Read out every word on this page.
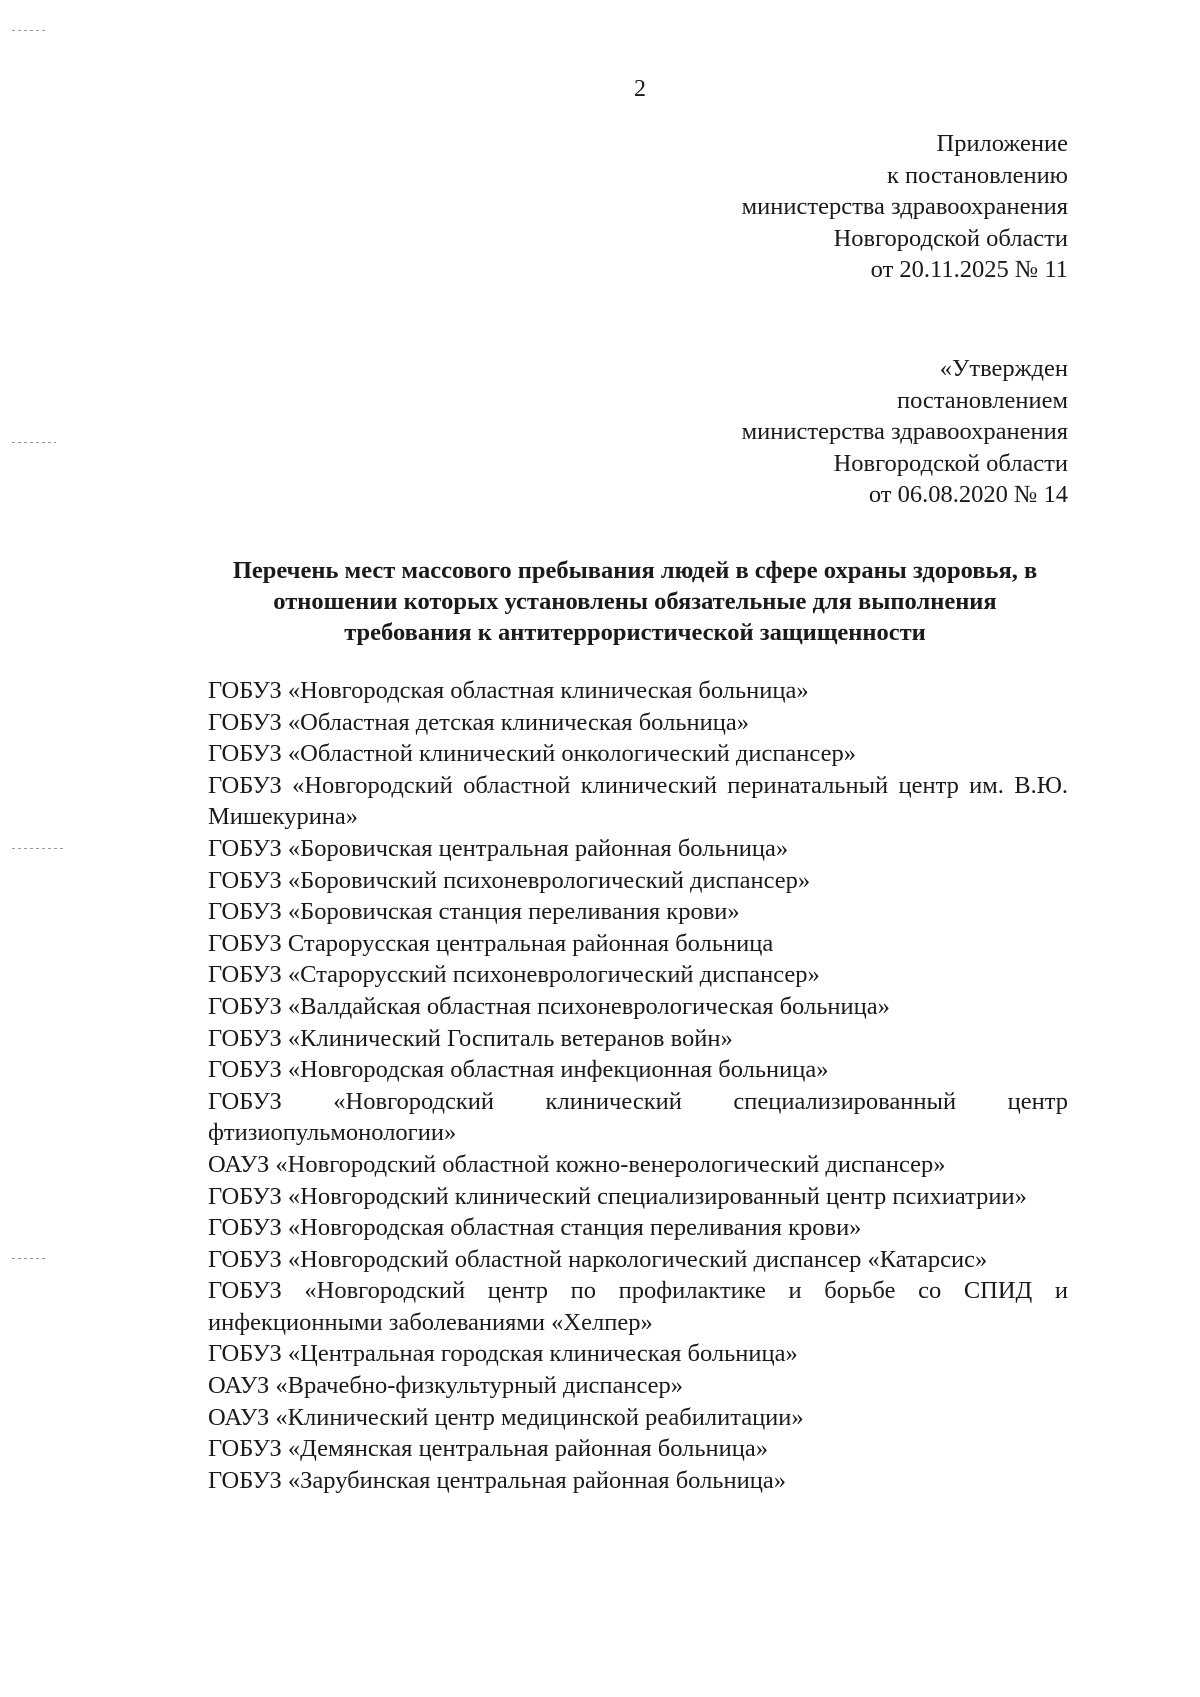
2
Приложение
к постановлению
министерства здравоохранения
Новгородской области
от 20.11.2025 № 11
«Утвержден
постановлением
министерства здравоохранения
Новгородской области
от 06.08.2020 № 14
Перечень мест массового пребывания людей в сфере охраны здоровья, в
отношении которых установлены обязательные для выполнения
требования к антитеррористической защищенности
ГОБУЗ «Новгородская областная клиническая больница»
ГОБУЗ «Областная детская клиническая больница»
ГОБУЗ «Областной клинический онкологический диспансер»
ГОБУЗ «Новгородский областной клинический перинатальный центр им. В.Ю. Мишекурина»
ГОБУЗ «Боровичская центральная районная больница»
ГОБУЗ «Боровичский психоневрологический диспансер»
ГОБУЗ «Боровичская станция переливания крови»
ГОБУЗ Старорусская центральная районная больница
ГОБУЗ «Старорусский психоневрологический диспансер»
ГОБУЗ «Валдайская областная психоневрологическая больница»
ГОБУЗ «Клинический Госпиталь ветеранов войн»
ГОБУЗ «Новгородская областная инфекционная больница»
ГОБУЗ «Новгородский клинический специализированный центр фтизиопульмонологии»
ОАУЗ «Новгородский областной кожно-венерологический диспансер»
ГОБУЗ «Новгородский клинический специализированный центр психиатрии»
ГОБУЗ «Новгородская областная станция переливания крови»
ГОБУЗ «Новгородский областной наркологический диспансер «Катарсис»
ГОБУЗ «Новгородский центр по профилактике и борьбе со СПИД и инфекционными заболеваниями «Хелпер»
ГОБУЗ «Центральная городская клиническая больница»
ОАУЗ «Врачебно-физкультурный диспансер»
ОАУЗ «Клинический центр медицинской реабилитации»
ГОБУЗ «Демянская центральная районная больница»
ГОБУЗ «Зарубинская центральная районная больница»
